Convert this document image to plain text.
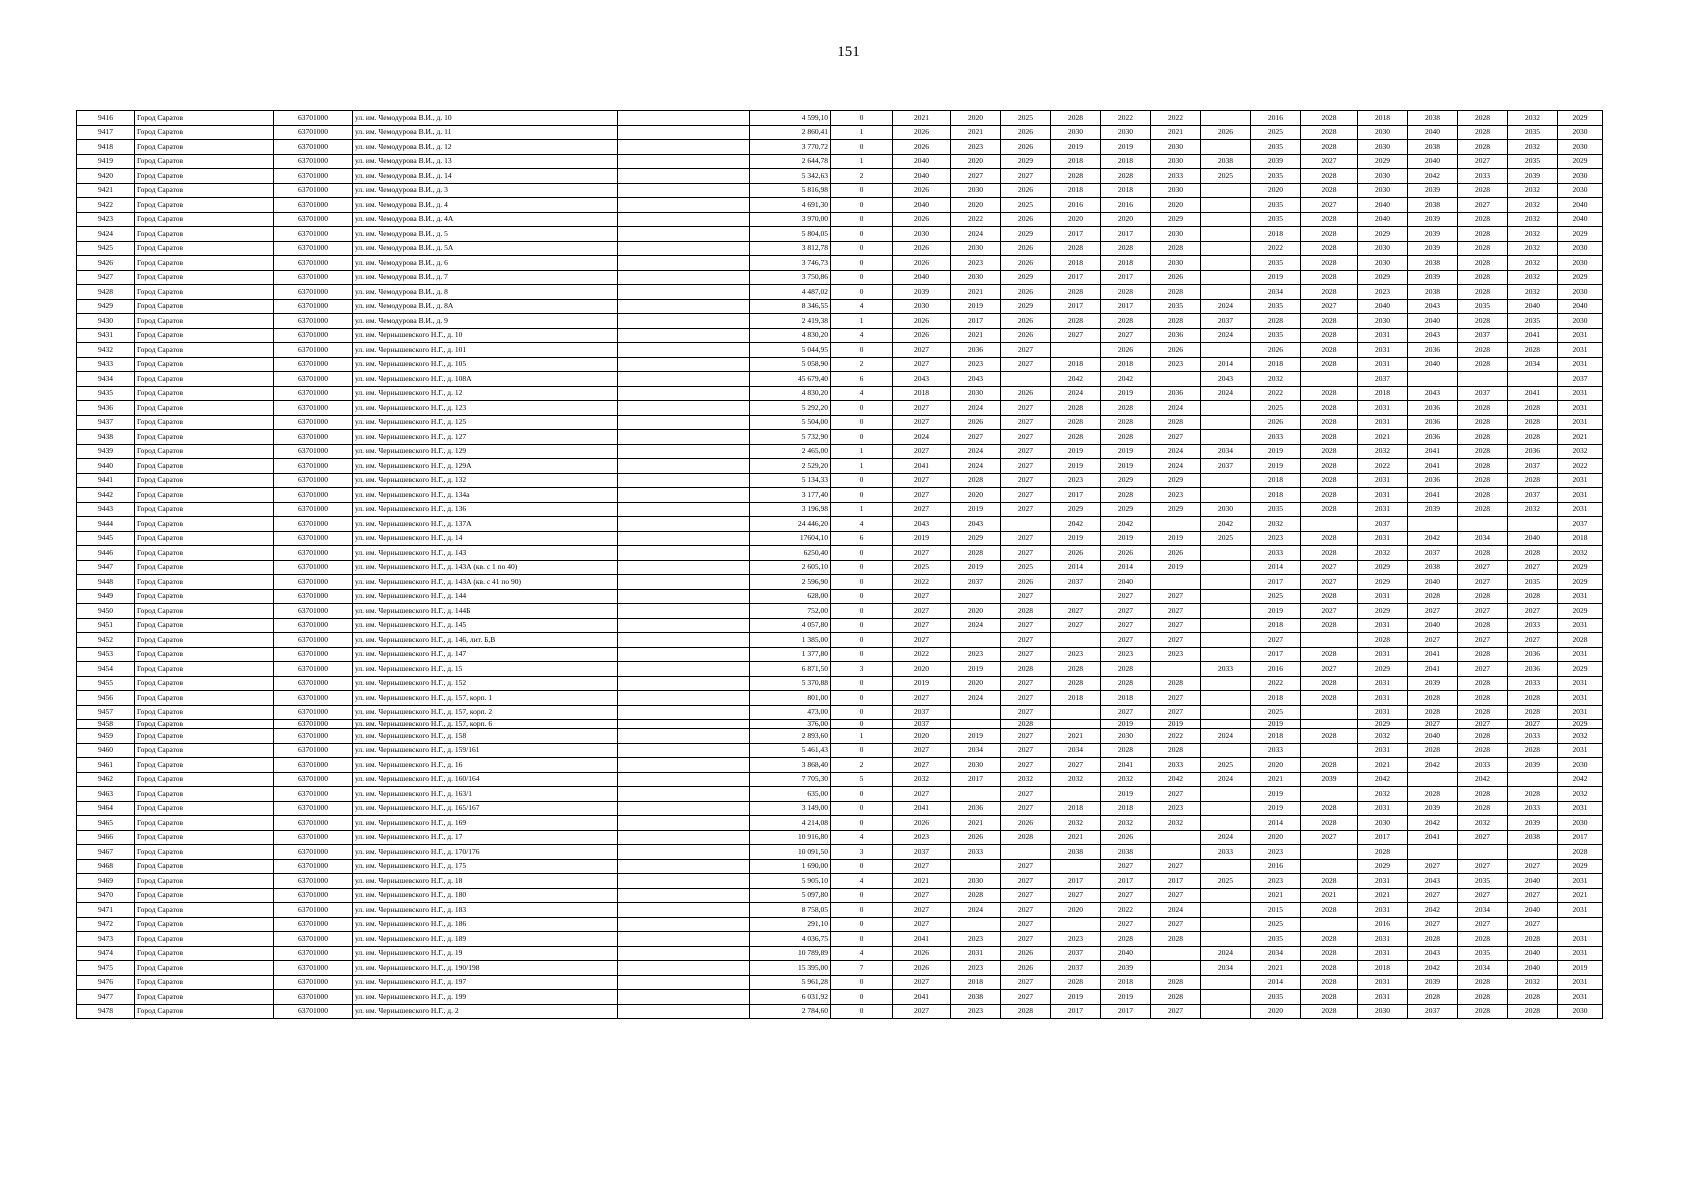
151
9416	Город Саратов	63701000	ул. им. Чемодурова В.И., д. 10		4 599,10	0	2021	2020	2025	2028	2022	2022		2016	2028	2018	2038	2028	2032	2029
9417	Город Саратов	63701000	ул. им. Чемодурова В.И., д. 11		2 860,41	1	2026	2021	2026	2030	2030	2021	2026	2025	2028	2030	2040	2028	2035	2030
9418	Город Саратов	63701000	ул. им. Чемодурова В.И., д. 12		3 770,72	0	2026	2023	2026	2019	2019	2030		2035	2028	2030	2038	2028	2032	2030
9419	Город Саратов	63701000	ул. им. Чемодурова В.И., д. 13		2 644,78	1	2040	2020	2029	2018	2018	2030	2038	2039	2027	2029	2040	2027	2035	2029
9420	Город Саратов	63701000	ул. им. Чемодурова В.И., д. 14		5 342,63	2	2040	2027	2027	2028	2028	2033	2025	2035	2028	2030	2042	2033	2039	2030
9421	Город Саратов	63701000	ул. им. Чемодурова В.И., д. 3		5 816,98	0	2026	2030	2026	2018	2018	2030		2020	2028	2030	2039	2028	2032	2030
9422	Город Саратов	63701000	ул. им. Чемодурова В.И., д. 4		4 691,30	0	2040	2020	2025	2016	2016	2020		2035	2027	2040	2038	2027	2032	2040
9423	Город Саратов	63701000	ул. им. Чемодурова В.И., д. 4А		3 970,00	0	2026	2022	2026	2020	2020	2029		2035	2028	2040	2039	2028	2032	2040
9424	Город Саратов	63701000	ул. им. Чемодурова В.И., д. 5		5 804,05	0	2030	2024	2029	2017	2017	2030		2018	2028	2029	2039	2028	2032	2029
9425	Город Саратов	63701000	ул. им. Чемодурова В.И., д. 5А		3 812,78	0	2026	2030	2026	2028	2028	2028		2022	2028	2030	2039	2028	2032	2030
9426	Город Саратов	63701000	ул. им. Чемодурова В.И., д. 6		3 746,73	0	2026	2023	2026	2018	2018	2030		2035	2028	2030	2038	2028	2032	2030
9427	Город Саратов	63701000	ул. им. Чемодурова В.И., д. 7		3 750,86	0	2040	2030	2029	2017	2017	2026		2019	2028	2029	2039	2028	2032	2029
9428	Город Саратов	63701000	ул. им. Чемодурова В.И., д. 8		4 487,02	0	2039	2021	2026	2028	2028	2028		2034	2028	2023	2038	2028	2032	2030
9429	Город Саратов	63701000	ул. им. Чемодурова В.И., д. 8А		8 346,55	4	2030	2019	2029	2017	2017	2035	2024	2035	2027	2040	2043	2035	2040	2040
9430	Город Саратов	63701000	ул. им. Чемодурова В.И., д. 9		2 419,38	1	2026	2017	2026	2028	2028	2028	2037	2028	2028	2030	2040	2028	2035	2030
9431	Город Саратов	63701000	ул. им. Чернышевского Н.Г., д. 10		4 830,20	4	2026	2021	2026	2027	2027	2036	2024	2035	2028	2031	2043	2037	2041	2031
9432	Город Саратов	63701000	ул. им. Чернышевского Н.Г., д. 101		5 044,95	0	2027	2036	2027		2026	2026		2026	2028	2031	2036	2028	2028	2031
9433	Город Саратов	63701000	ул. им. Чернышевского Н.Г., д. 105		5 058,90	2	2027	2023	2027	2018	2018	2023	2014	2018	2028	2031	2040	2028	2034	2031
9434	Город Саратов	63701000	ул. им. Чернышевского Н.Г., д. 108А		45 679,40	6	2043	2043		2042	2042		2043	2032		2037				2037
9435	Город Саратов	63701000	ул. им. Чернышевского Н.Г., д. 12		4 830,20	4	2018	2030	2026	2024	2019	2036	2024	2022	2028	2018	2043	2037	2041	2031
9436	Город Саратов	63701000	ул. им. Чернышевского Н.Г., д. 123		5 292,20	0	2027	2024	2027	2028	2028	2024		2025	2028	2031	2036	2028	2028	2031
9437	Город Саратов	63701000	ул. им. Чернышевского Н.Г., д. 125		5 504,00	0	2027	2026	2027	2028	2028	2028		2026	2028	2031	2036	2028	2028	2031
9438	Город Саратов	63701000	ул. им. Чернышевского Н.Г., д. 127		5 732,90	0	2024	2027	2027	2028	2028	2027		2033	2028	2021	2036	2028	2028	2021
9439	Город Саратов	63701000	ул. им. Чернышевского Н.Г., д. 129		2 465,00	1	2027	2024	2027	2019	2019	2024	2034	2019	2028	2032	2041	2028	2036	2032
9440	Город Саратов	63701000	ул. им. Чернышевского Н.Г., д. 129А		2 529,20	1	2041	2024	2027	2019	2019	2024	2037	2019	2028	2022	2041	2028	2037	2022
9441	Город Саратов	63701000	ул. им. Чернышевского Н.Г., д. 132		5 134,33	0	2027	2028	2027	2023	2029	2029		2018	2028	2031	2036	2028	2028	2031
9442	Город Саратов	63701000	ул. им. Чернышевского Н.Г., д. 134а		3 177,40	0	2027	2020	2027	2017	2028	2023		2018	2028	2031	2041	2028	2037	2031
9443	Город Саратов	63701000	ул. им. Чернышевского Н.Г., д. 136		3 196,98	1	2027	2019	2027	2029	2029	2029	2030	2035	2028	2031	2039	2028	2032	2031
9444	Город Саратов	63701000	ул. им. Чернышевского Н.Г., д. 137А		24 446,20	4	2043	2043		2042	2042		2042	2032		2037				2037
9445	Город Саратов	63701000	ул. им. Чернышевского Н.Г., д. 14		17604,10	6	2019	2029	2027	2019	2019	2019	2025	2023	2028	2031	2042	2034	2040	2018
9446	Город Саратов	63701000	ул. им. Чернышевского Н.Г., д. 143		6250,40	0	2027	2028	2027	2026	2026	2026		2033	2028	2032	2037	2028	2028	2032
9447	Город Саратов	63701000	ул. им. Чернышевского Н.Г., д. 143А (кв. с 1 по 40)		2 605,10	0	2025	2019	2025	2014	2014	2019		2014	2027	2029	2038	2027	2027	2029
9448	Город Саратов	63701000	ул. им. Чернышевского Н.Г., д. 143А (кв. с 41 по 90)		2 596,90	0	2022	2037	2026	2037	2040			2017	2027	2029	2040	2027	2035	2029
9449	Город Саратов	63701000	ул. им. Чернышевского Н.Г., д. 144		628,00	0	2027		2027		2027	2027		2025	2028	2031	2028	2028	2028	2031
9450	Город Саратов	63701000	ул. им. Чернышевского Н.Г., д. 144Б		752,00	0	2027	2020	2028	2027	2027	2027		2019	2027	2029	2027	2027	2027	2029
9451	Город Саратов	63701000	ул. им. Чернышевского Н.Г., д. 145		4 057,80	0	2027	2024	2027	2027	2027	2027		2018	2028	2031	2040	2028	2033	2031
9452	Город Саратов	63701000	ул. им. Чернышевского Н.Г., д. 146, лит. Б,В		1 385,00	0	2027		2027		2027	2027		2027		2028	2027	2027	2027	2028
9453	Город Саратов	63701000	ул. им. Чернышевского Н.Г., д. 147		1 377,80	0	2022	2023	2027	2023	2023	2023		2017	2028	2031	2041	2028	2036	2031
9454	Город Саратов	63701000	ул. им. Чернышевского Н.Г., д. 15		6 871,50	3	2020	2019	2028	2028	2028		2033	2016	2027	2029	2041	2027	2036	2029
9455	Город Саратов	63701000	ул. им. Чернышевского Н.Г., д. 152		5 370,88	0	2019	2020	2027	2028	2028	2028		2022	2028	2031	2039	2028	2033	2031
9456	Город Саратов	63701000	ул. им. Чернышевского Н.Г., д. 157, корп. 1		801,00	0	2027	2024	2027	2018	2018	2027		2018	2028	2031	2028	2028	2028	2031
9457	Город Саратов	63701000	ул. им. Чернышевского Н.Г., д. 157, корп. 2		473,00	0	2037		2027		2027	2027		2025		2031	2028	2028	2028	2031
9458	Город Саратов	63701000	ул. им. Чернышевского Н.Г., д. 157, корп. 6		376,00	0	2037		2028		2019	2019		2019		2029	2027	2027	2027	2029
9459	Город Саратов	63701000	ул. им. Чернышевского Н.Г., д. 158		2 893,60	1	2020	2019	2027	2021	2030	2022	2024	2018	2028	2032	2040	2028	2033	2032
9460	Город Саратов	63701000	ул. им. Чернышевского Н.Г., д. 159/161		5 461,43	0	2027	2034	2027	2034	2028	2028		2033		2031	2028	2028	2028	2031
9461	Город Саратов	63701000	ул. им. Чернышевского Н.Г., д. 16		3 868,40	2	2027	2030	2027	2027	2041	2033	2025	2020	2028	2021	2042	2033	2039	2030
9462	Город Саратов	63701000	ул. им. Чернышевского Н.Г., д. 160/164		7 705,30	5	2032	2017	2032	2032	2032	2042	2024	2021	2039	2042		2042		2042
9463	Город Саратов	63701000	ул. им. Чернышевского Н.Г., д. 163/1		635,00	0	2027		2027		2019	2027		2019		2032	2028	2028	2028	2032
9464	Город Саратов	63701000	ул. им. Чернышевского Н.Г., д. 165/167		3 149,00	0	2041	2036	2027	2018	2018	2023		2019	2028	2031	2039	2028	2033	2031
9465	Город Саратов	63701000	ул. им. Чернышевского Н.Г., д. 169		4 214,08	0	2026	2021	2026	2032	2032	2032		2014	2028	2030	2042	2032	2039	2030
9466	Город Саратов	63701000	ул. им. Чернышевского Н.Г., д. 17		10 916,80	4	2023	2026	2028	2021	2026		2024	2020	2027	2017	2041	2027	2038	2017
9467	Город Саратов	63701000	ул. им. Чернышевского Н.Г., д. 170/176		10 091,50	3	2037	2033		2038	2038		2033	2023		2028				2028
9468	Город Саратов	63701000	ул. им. Чернышевского Н.Г., д. 175		1 690,00	0	2027		2027		2027	2027		2016		2029	2027	2027	2027	2029
9469	Город Саратов	63701000	ул. им. Чернышевского Н.Г., д. 18		5 905,10	4	2021	2030	2027	2017	2017	2017	2025	2023	2028	2031	2043	2035	2040	2031
9470	Город Саратов	63701000	ул. им. Чернышевского Н.Г., д. 180		5 097,80	0	2027	2028	2027	2027	2027	2027		2021	2021	2021	2027	2027	2027	2021
9471	Город Саратов	63701000	ул. им. Чернышевского Н.Г., д. 183		8 758,05	0	2027	2024	2027	2020	2022	2024		2015	2028	2031	2042	2034	2040	2031
9472	Город Саратов	63701000	ул. им. Чернышевского Н.Г., д. 186		291,10	0	2027		2027		2027	2027		2025		2016	2027	2027	2027	
9473	Город Саратов	63701000	ул. им. Чернышевского Н.Г., д. 189		4 036,75	0	2041	2023	2027	2023	2028	2028		2035	2028	2031	2028	2028	2028	2031
9474	Город Саратов	63701000	ул. им. Чернышевского Н.Г., д. 19		10 789,89	4	2026	2031	2026	2037	2040		2024	2034	2028	2031	2043	2035	2040	2031
9475	Город Саратов	63701000	ул. им. Чернышевского Н.Г., д. 190/198		15 395,00	7	2026	2023	2026	2037	2039		2034	2021	2028	2018	2042	2034	2040	2019
9476	Город Саратов	63701000	ул. им. Чернышевского Н.Г., д. 197		5 961,28	0	2027	2018	2027	2028	2018	2028		2014	2028	2031	2039	2028	2032	2031
9477	Город Саратов	63701000	ул. им. Чернышевского Н.Г., д. 199		6 031,92	0	2041	2038	2027	2019	2019	2028		2035	2028	2031	2028	2028	2028	2031
9478	Город Саратов	63701000	ул. им. Чернышевского Н.Г., д. 2		2 784,60	0	2027	2023	2028	2017	2017	2027		2020	2028	2030	2037	2028	2028	2030
